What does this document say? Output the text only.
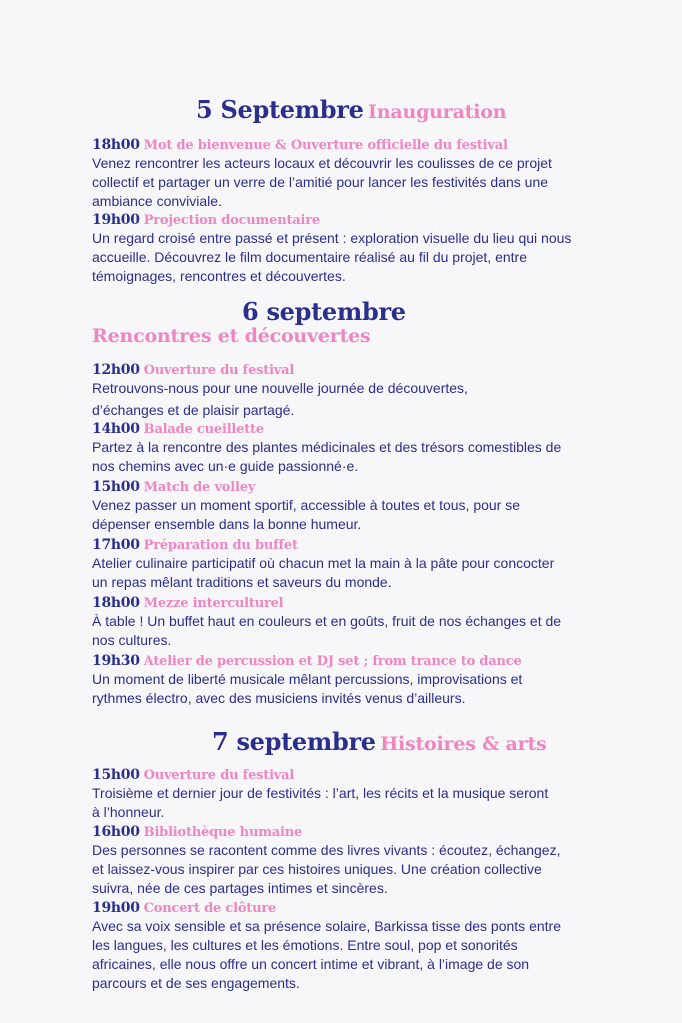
5 Septembre Inauguration
18h00 Mot de bienvenue & Ouverture officielle du festival
Venez rencontrer les acteurs locaux et découvrir les coulisses de ce projet
collectif et partager un verre de l’amitié pour lancer les festivités dans une
ambiance conviviale.
19h00 Projection documentaire
Un regard croisé entre passé et présent : exploration visuelle du lieu qui nous
accueille. Découvrez le film documentaire réalisé au fil du projet, entre
témoignages, rencontres et découvertes.
6 septembre
Rencontres et découvertes
12h00 Ouverture du festival
Retrouvons-nous pour une nouvelle journée de découvertes,
d’échanges et de plaisir partagé.
14h00 Balade cueillette
Partez à la rencontre des plantes médicinales et des trésors comestibles de
nos chemins avec un·e guide passionné·e.
15h00 Match de volley
Venez passer un moment sportif, accessible à toutes et tous, pour se
dépenser ensemble dans la bonne humeur.
17h00 Préparation du buffet
Atelier culinaire participatif où chacun met la main à la pâte pour concocter
un repas mêlant traditions et saveurs du monde.
18h00 Mezze interculturel
À table ! Un buffet haut en couleurs et en goûts, fruit de nos échanges et de
nos cultures.
19h30 Atelier de percussion et DJ set ; from trance to dance
Un moment de liberté musicale mêlant percussions, improvisations et
rythmes électro, avec des musiciens invités venus d’ailleurs.
7 septembre Histoires & arts
15h00 Ouverture du festival
Troisième et dernier jour de festivités : l’art, les récits et la musique seront
à l’honneur.
16h00 Bibliothèque humaine
Des personnes se racontent comme des livres vivants : écoutez, échangez,
et laissez-vous inspirer par ces histoires uniques. Une création collective
suivra, née de ces partages intimes et sincères.
19h00 Concert de clôture
Avec sa voix sensible et sa présence solaire, Barkissa tisse des ponts entre
les langues, les cultures et les émotions. Entre soul, pop et sonorités
africaines, elle nous offre un concert intime et vibrant, à l’image de son
parcours et de ses engagements.
